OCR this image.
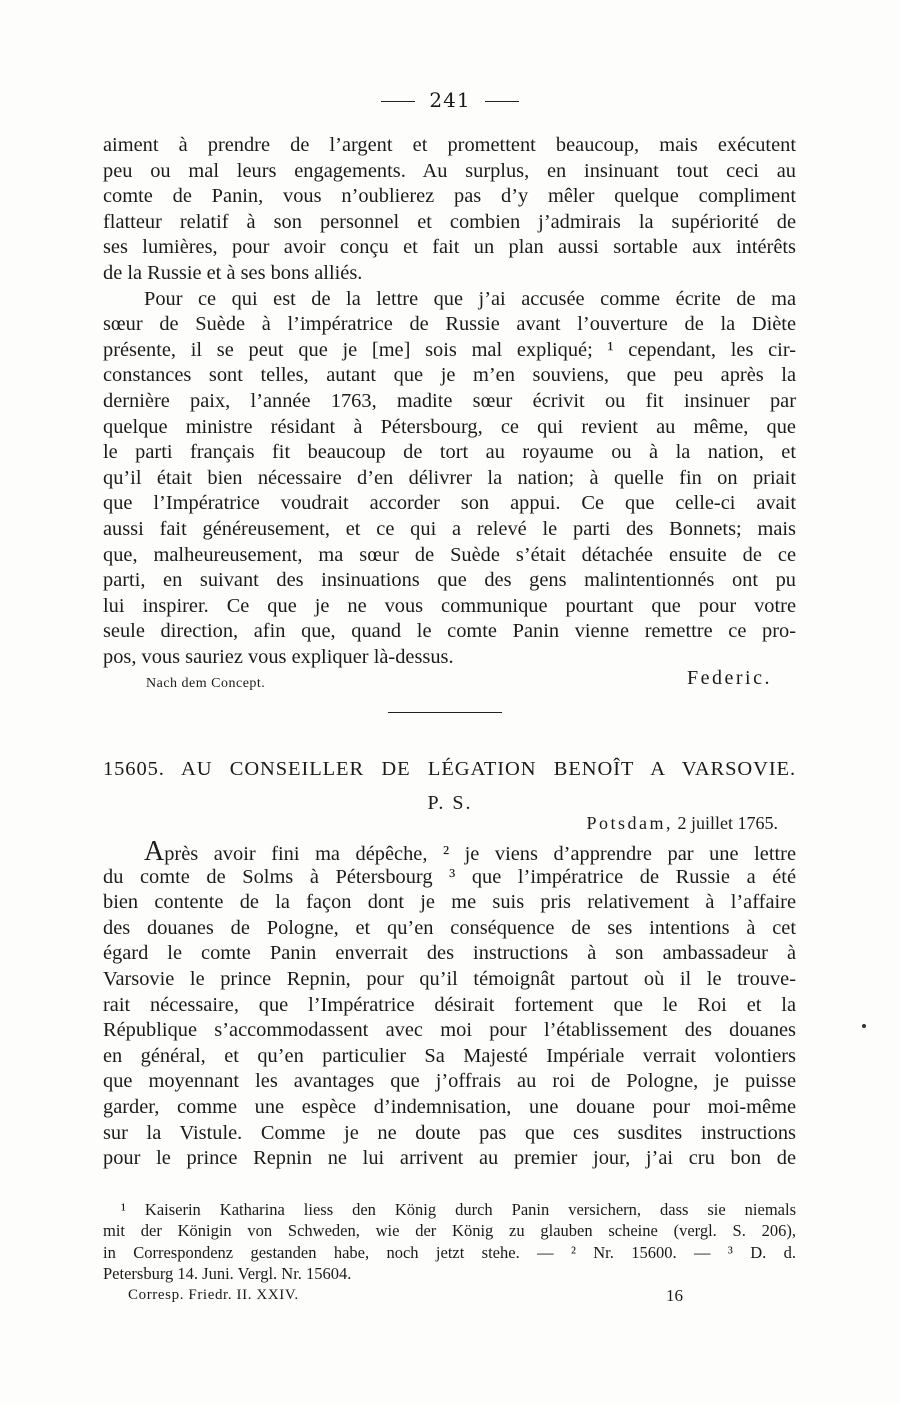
241
aiment à prendre de l’argent et promettent beaucoup, mais exécutent
peu ou mal leurs engagements. Au surplus, en insinuant tout ceci au
comte de Panin, vous n’oublierez pas d’y mêler quelque compliment
flatteur relatif à son personnel et combien j’admirais la supériorité de
ses lumières, pour avoir conçu et fait un plan aussi sortable aux intérêts
de la Russie et à ses bons alliés.
Pour ce qui est de la lettre que j’ai accusée comme écrite de ma
sœur de Suède à l’impératrice de Russie avant l’ouverture de la Diète
présente, il se peut que je [me] sois mal expliqué; ¹ cependant, les cir-
constances sont telles, autant que je m’en souviens, que peu après la
dernière paix, l’année 1763, madite sœur écrivit ou fit insinuer par
quelque ministre résidant à Pétersbourg, ce qui revient au même, que
le parti français fit beaucoup de tort au royaume ou à la nation, et
qu’il était bien nécessaire d’en délivrer la nation; à quelle fin on priait
que l’Impératrice voudrait accorder son appui. Ce que celle-ci avait
aussi fait généreusement, et ce qui a relevé le parti des Bonnets; mais
que, malheureusement, ma sœur de Suède s’était détachée ensuite de ce
parti, en suivant des insinuations que des gens malintentionnés ont pu
lui inspirer. Ce que je ne vous communique pourtant que pour votre
seule direction, afin que, quand le comte Panin vienne remettre ce pro-
pos, vous sauriez vous expliquer là-dessus.
Nach dem Concept.	Federic.
15605. AU CONSEILLER DE LÉGATION BENOÎT A VARSOVIE.
P. S.
Potsdam, 2 juillet 1765.
Après avoir fini ma dépêche, ² je viens d’apprendre par une lettre
du comte de Solms à Pétersbourg ³ que l’impératrice de Russie a été
bien contente de la façon dont je me suis pris relativement à l’affaire
des douanes de Pologne, et qu’en conséquence de ses intentions à cet
égard le comte Panin enverrait des instructions à son ambassadeur à
Varsovie le prince Repnin, pour qu’il témoignât partout où il le trouve-
rait nécessaire, que l’Impératrice désirait fortement que le Roi et la
République s’accommodassent avec moi pour l’établissement des douanes
en général, et qu’en particulier Sa Majesté Impériale verrait volontiers
que moyennant les avantages que j’offrais au roi de Pologne, je puisse
garder, comme une espèce d’indemnisation, une douane pour moi-même
sur la Vistule. Comme je ne doute pas que ces susdites instructions
pour le prince Repnin ne lui arrivent au premier jour, j’ai cru bon de
¹ Kaiserin Katharina liess den König durch Panin versichern, dass sie niemals
mit der Königin von Schweden, wie der König zu glauben scheine (vergl. S. 206),
in Correspondenz gestanden habe, noch jetzt stehe. — ² Nr. 15600. — ³ D. d.
Petersburg 14. Juni. Vergl. Nr. 15604.
Corresp. Friedr. II. XXIV.	16
